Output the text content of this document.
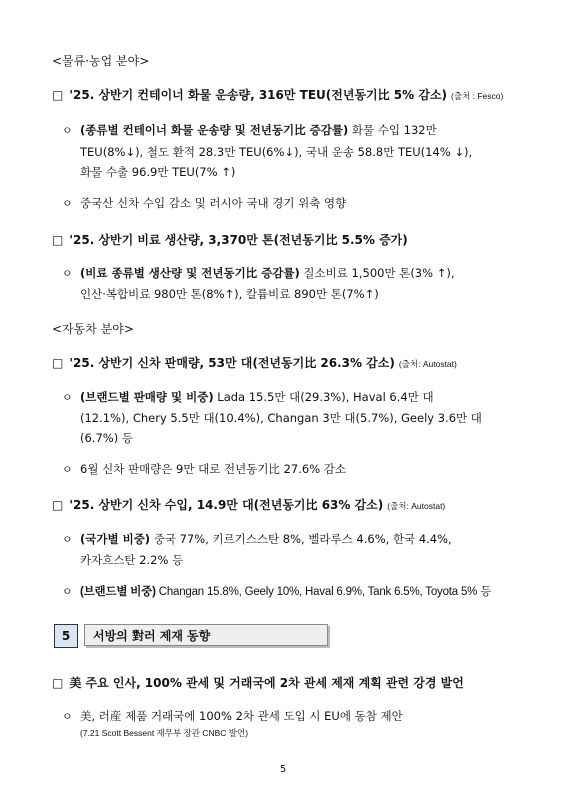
<물류·농업 분야>
□ '25. 상반기 컨테이너 화물 운송량, 316만 TEU(전년동기比 5% 감소) (출처 : Fesco)
ㅇ (종류별 컨테이너 화물 운송량 및 전년동기比 증감률) 화물 수입 132만
TEU(8%↓), 철도 환적 28.3만 TEU(6%↓), 국내 운송 58.8만 TEU(14% ↓),
화물 수출 96.9만 TEU(7% ↑)
ㅇ 중국산 신차 수입 감소 및 러시아 국내 경기 위축 영향
□ '25. 상반기 비료 생산량, 3,370만 톤(전년동기比 5.5% 증가)
ㅇ (비료 종류별 생산량 및 전년동기比 증감률) 질소비료 1,500만 톤(3% ↑),
인산·복합비료 980만 톤(8%↑), 칼륨비료 890만 톤(7%↑)
<자동차 분야>
□ '25. 상반기 신차 판매량, 53만 대(전년동기比 26.3% 감소) (출처: Autostat)
ㅇ (브랜드별 판매량 및 비중) Lada 15.5만 대(29.3%), Haval 6.4만 대
(12.1%), Chery 5.5만 대(10.4%), Changan 3만 대(5.7%), Geely 3.6만 대
(6.7%) 등
ㅇ 6월 신차 판매량은 9만 대로 전년동기比 27.6% 감소
□ '25. 상반기 신차 수입, 14.9만 대(전년동기比 63% 감소) (출처: Autostat)
ㅇ (국가별 비중) 중국 77%, 키르기스스탄 8%, 벨라루스 4.6%, 한국 4.4%,
카자흐스탄 2.2% 등
ㅇ (브랜드별 비중) Changan 15.8%, Geely 10%, Haval 6.9%, Tank 6.5%, Toyota 5% 등
5	서방의 對러 제재 동향
□ 美 주요 인사, 100% 관세 및 거래국에 2차 관세 제재 계획 관련 강경 발언
ㅇ 美, 러産 제품 거래국에 100% 2차 관세 도입 시 EU에 동참 제안
(7.21 Scott Bessent 재무부 장관 CNBC 발언)
5
